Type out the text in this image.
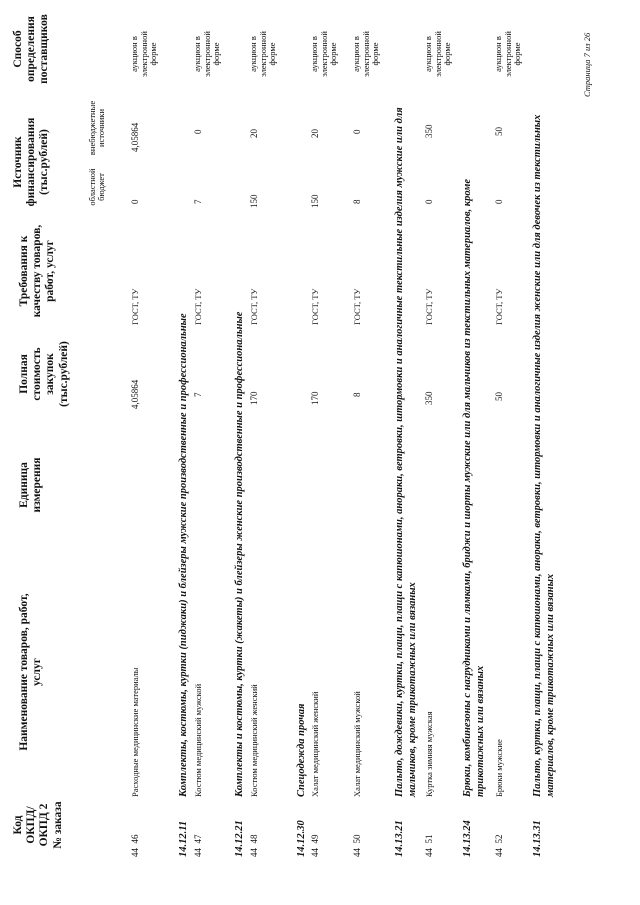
Код ОКПД/ ОКПД 2 № заказа
Наименование товаров, работ, услуг
Единица измерения
Полная стоимость закупок (тыс.рублей)
Требования к качеству товаров, работ, услуг
Источник финансирования (тыс.рублей)	областной бюджет
внебюджетные источники
Способ определения поставщиков
44  46
Расходные медицинские материалы
4,05864
ГОСТ, ТУ
0
4,05864
аукцион в электронной форме
14.12.11
Комплекты, костюмы, куртки (пиджаки) и блейзеры мужские производственные и профессиональные
44  47
Костюм медицинский мужской
7
ГОСТ, ТУ
7
0
аукцион в электронной форме
14.12.21
Комплекты и костюмы, куртки (жакеты) и блейзеры женские производственные и профессиональные
44  48
Костюм медицинский женский
170
ГОСТ, ТУ
150
20
аукцион в электронной форме
14.12.30
Спецодежда прочая
44  49
Халат медицинский женский
170
ГОСТ, ТУ
150
20
аукцион в электронной форме
44  50
Халат медицинский мужской
8
ГОСТ, ТУ
8
0
аукцион в электронной форме
14.13.21
Пальто, дождевики, куртки, плащи, плащи с капюшонами, анораки, ветровки, штормовки и аналогичные текстильные изделия мужские или для мальчиков, кроме трикотажных или вязаных
44  51
Куртка зимняя мужская
350
ГОСТ, ТУ
0
350
аукцион в электронной форме
14.13.24
Брюки, комбинезоны с нагрудниками и лямками, бриджи и шорты мужские или для мальчиков из текстильных материалов, кроме трикотажных или вязаных
44  52
Брюки мужские
50
ГОСТ, ТУ
0
50
аукцион в электронной форме
14.13.31
Пальто, куртки, плащи, плащи с капюшонами, анораки, ветровки, штормовки и аналогичные изделия женские или для девочек из текстильных материалов, кроме трикотажных или вязаных
Страница 7 из 26
